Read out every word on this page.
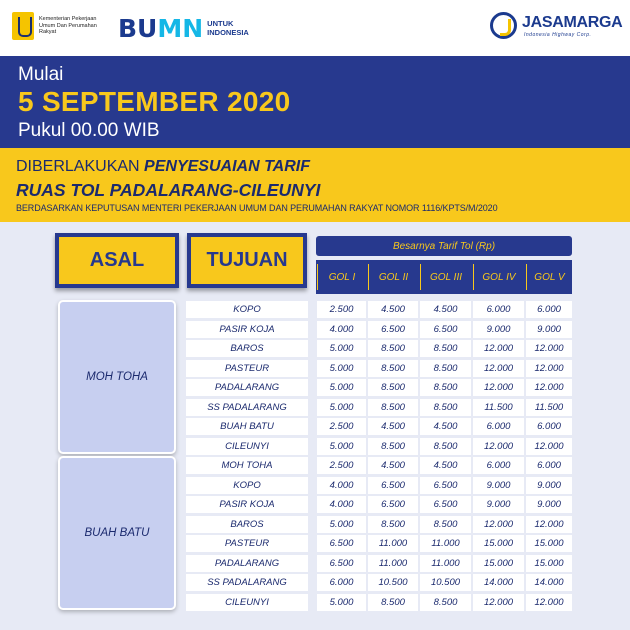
Kementerian Pekerjaan Umum Dan Perumahan Rakyat	BUMN UNTUK INDONESIA
JASAMARGA
Indonesia Highway Corp.
Mulai
5 SEPTEMBER 2020
Pukul 00.00 WIB
DIBERLAKUKAN PENYESUAIAN TARIF
RUAS TOL PADALARANG-CILEUNYI
BERDASARKAN KEPUTUSAN MENTERI PEKERJAAN UMUM DAN PERUMAHAN RAKYAT NOMOR 1116/KPTS/M/2020
ASAL	TUJUAN
Besarnya Tarif Tol (Rp)
GOL I	GOL II	GOL III	GOL IV	GOL V
MOH TOHA
KOPO	2.500	4.500	4.500	6.000	6.000
PASIR KOJA	4.000	6.500	6.500	9.000	9.000
BAROS	5.000	8.500	8.500	12.000	12.000
PASTEUR	5.000	8.500	8.500	12.000	12.000
PADALARANG	5.000	8.500	8.500	12.000	12.000
SS PADALARANG	5.000	8.500	8.500	11.500	11.500
BUAH BATU	2.500	4.500	4.500	6.000	6.000
CILEUNYI	5.000	8.500	8.500	12.000	12.000
BUAH BATU
MOH TOHA	2.500	4.500	4.500	6.000	6.000
KOPO	4.000	6.500	6.500	9.000	9.000
PASIR KOJA	4.000	6.500	6.500	9.000	9.000
BAROS	5.000	8.500	8.500	12.000	12.000
PASTEUR	6.500	11.000	11.000	15.000	15.000
PADALARANG	6.500	11.000	11.000	15.000	15.000
SS PADALARANG	6.000	10.500	10.500	14.000	14.000
CILEUNYI	5.000	8.500	8.500	12.000	12.000
